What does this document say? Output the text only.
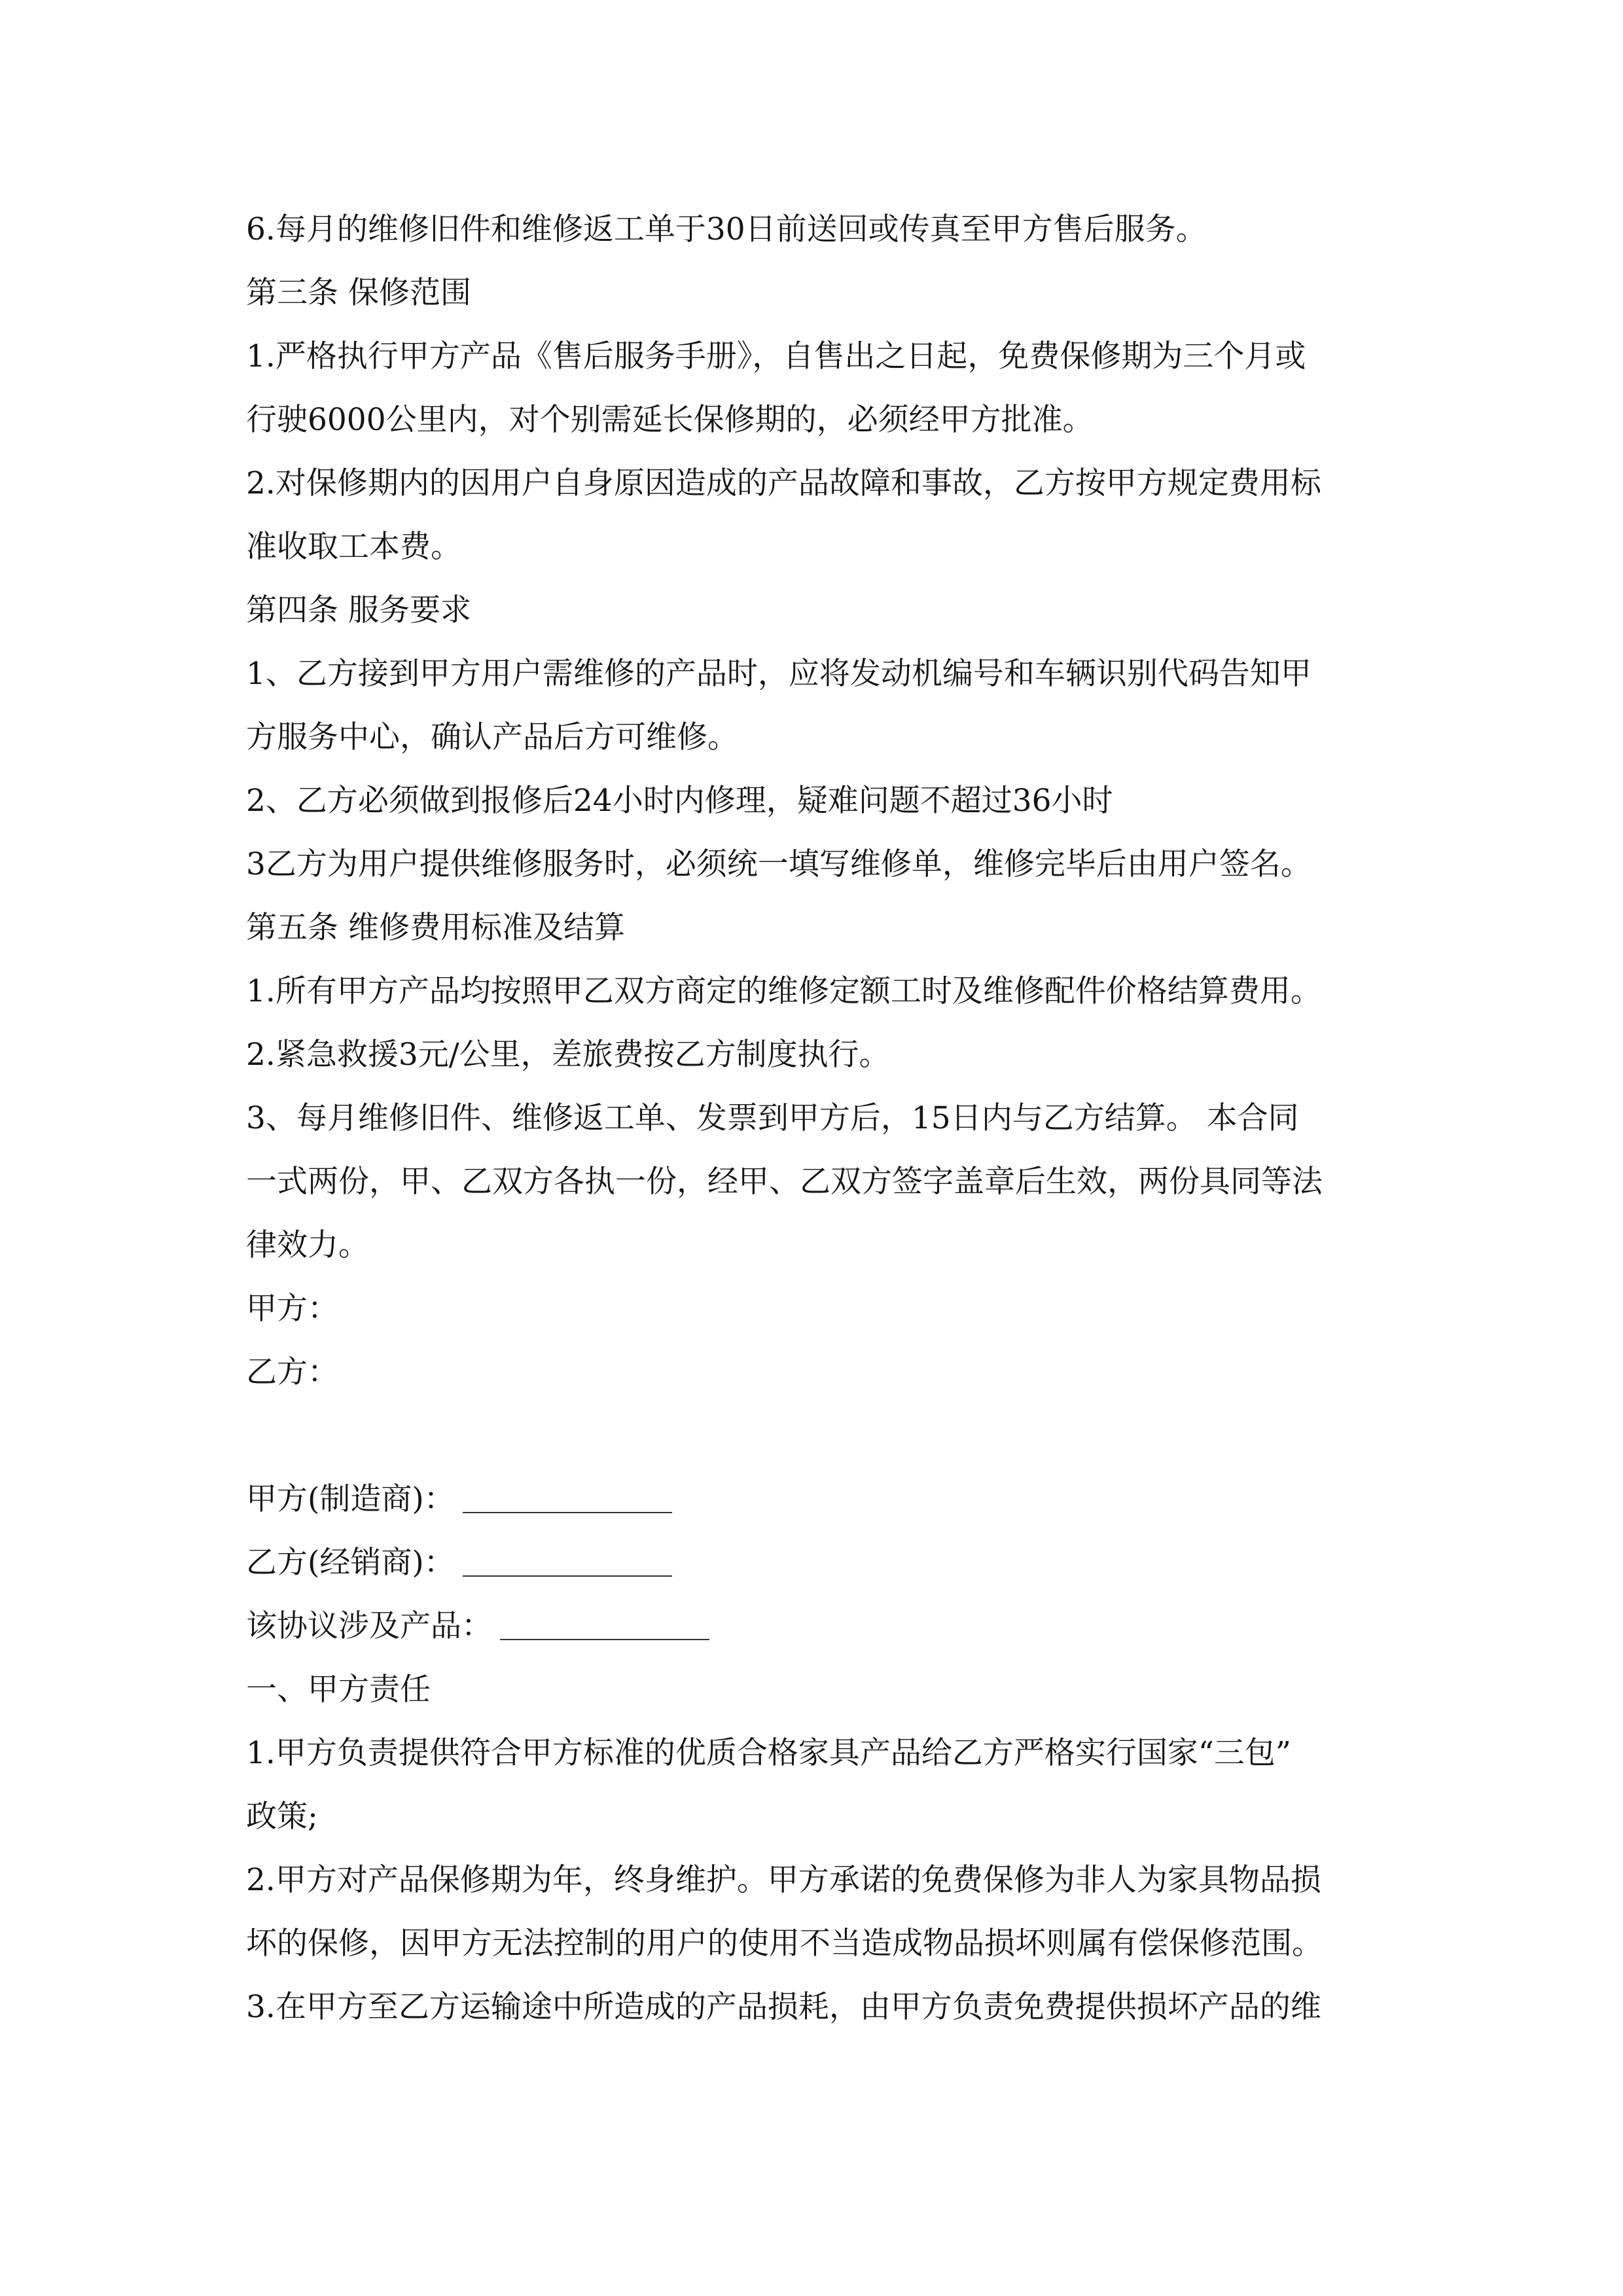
6.每月的维修旧件和维修返工单于30日前送回或传真至甲方售后服务。

第三条 保修范围

1.严格执行甲方产品《售后服务手册》，自售出之日起，免费保修期为三个月或

行驶6000公里内，对个别需延长保修期的，必须经甲方批准。

2.对保修期内的因用户自身原因造成的产品故障和事故，乙方按甲方规定费用标

准收取工本费。

第四条 服务要求

1、乙方接到甲方用户需维修的产品时，应将发动机编号和车辆识别代码告知甲

方服务中心，确认产品后方可维修。

2、乙方必须做到报修后24小时内修理，疑难问题不超过36小时

3乙方为用户提供维修服务时，必须统一填写维修单，维修完毕后由用户签名。

第五条 维修费用标准及结算

1.所有甲方产品均按照甲乙双方商定的维修定额工时及维修配件价格结算费用。

2.紧急救援3元/公里，差旅费按乙方制度执行。

3、每月维修旧件、维修返工单、发票到甲方后，15日内与乙方结算。 本合同

一式两份，甲、乙双方各执一份，经甲、乙双方签字盖章后生效，两份具同等法

律效力。

甲方：

乙方：

甲方(制造商)：

乙方(经销商)：

该协议涉及产品：

一、甲方责任

1.甲方负责提供符合甲方标准的优质合格家具产品给乙方严格实行国家“三包”

政策;

2.甲方对产品保修期为年，终身维护。甲方承诺的免费保修为非人为家具物品损

坏的保修，因甲方无法控制的用户的使用不当造成物品损坏则属有偿保修范围。

3.在甲方至乙方运输途中所造成的产品损耗，由甲方负责免费提供损坏产品的维
